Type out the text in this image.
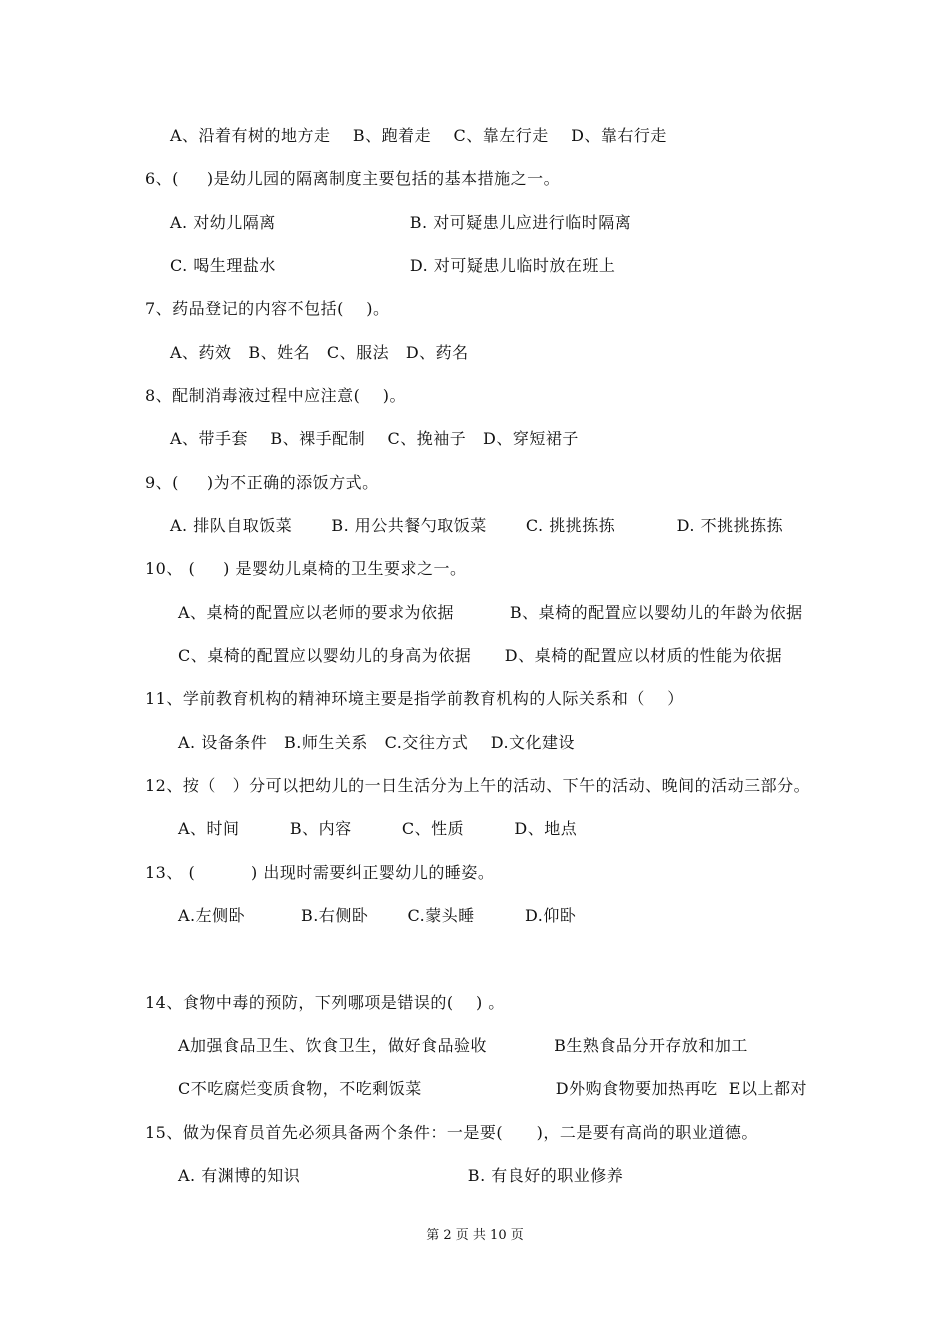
A、沿着有树的地方走    B、跑着走    C、靠左行走    D、靠右行走
6、(     )是幼儿园的隔离制度主要包括的基本措施之一。
A. 对幼儿隔离                        B. 对可疑患儿应进行临时隔离
C. 喝生理盐水                        D. 对可疑患儿临时放在班上
7、药品登记的内容不包括(    )。
A、药效   B、姓名   C、服法   D、药名
8、配制消毒液过程中应注意(    )。
A、带手套    B、裸手配制    C、挽袖子   D、穿短裙子
9、(     )为不正确的添饭方式。
A. 排队自取饭菜       B. 用公共餐勺取饭菜       C. 挑挑拣拣           D. 不挑挑拣拣
10、 (     ) 是婴幼儿桌椅的卫生要求之一。
A、桌椅的配置应以老师的要求为依据          B、桌椅的配置应以婴幼儿的年龄为依据
C、桌椅的配置应以婴幼儿的身高为依据      D、桌椅的配置应以材质的性能为依据
11、学前教育机构的精神环境主要是指学前教育机构的人际关系和（    ）
A. 设备条件   B.师生关系   C.交往方式    D.文化建设
12、按（   ）分可以把幼儿的一日生活分为上午的活动、下午的活动、晚间的活动三部分。
A、时间         B、内容         C、性质         D、地点
13、 (          ) 出现时需要纠正婴幼儿的睡姿。
A.左侧卧          B.右侧卧       C.蒙头睡         D.仰卧
14、食物中毒的预防，下列哪项是错误的(    ) 。
A加强食品卫生、饮食卫生，做好食品验收            B生熟食品分开存放和加工
C不吃腐烂变质食物，不吃剩饭菜                        D外购食物要加热再吃  E以上都对
15、做为保育员首先必须具备两个条件：一是要(      )，二是要有高尚的职业道德。
A. 有渊博的知识                              B. 有良好的职业修养
第 2 页 共 10 页
